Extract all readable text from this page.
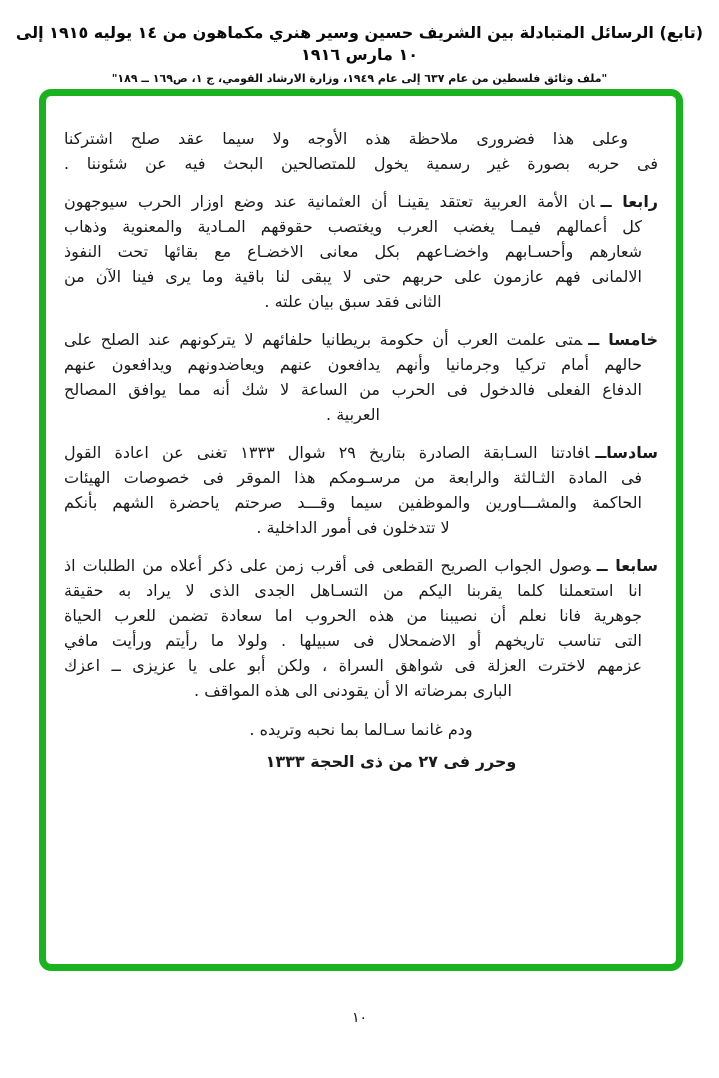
(تابع) الرسائل المتبادلة بين الشريف حسين وسير هنري مكماهون من ١٤ يوليه ١٩١٥ إلى ١٠ مارس ١٩١٦
"ملف وثائق فلسطين من عام ٦٣٧ إلى عام ١٩٤٩، وزارة الارشاد القومي، ج ١، ص١٦٩ ــ ١٨٩"
وعلى هذا فضرورى ملاحظة هذه الأوجه ولا سيما عقد صلح اشتركنا
فى حربه بصورة غير رسمية يخول للمتصالحين البحث فيه عن شئوننا .
رابعا ــان الأمة العربية تعتقد يقينـا أن العثمانية عند وضع اوزار الحرب سيوجهون
كل أعمالهم فيمـا يغضب العرب ويغتصب حقوقهم المـادية والمعنوية وذهاب
شعارهم وأحسـابهم واخضـاعهم بكل معانى الاخضـاع مع بقائها تحت النفوذ
الالمانى فهم عازمون على حربهم حتى لا يبقى لنا باقية وما يرى فينا الآن من
الثانى فقد سبق بيان علته .
خامسا ــمتى علمت العرب أن حكومة بريطانيا حلفائهم لا يتركونهم عند الصلح على
حالهم أمام تركيا وجرمانيا وأنهم يدافعون عنهم ويعاضدونهم ويدافعون عنهم
الدفاع الفعلى فالدخول فى الحرب من الساعة لا شك أنه مما يوافق المصالح
العربية .
سادساــافادتنا السـابقة الصادرة بتاريخ ٢٩ شوال ١٣٣٣ تغنى عن اعادة القول
فى المادة الثـالثة والرابعة من مرسـومكم هذا الموقر فى خصوصات الهيئات
الحاكمة والمشـــاورين والموظفين سيما وقـــد صرحتم ياحضرة الشهم بأنكم
لا تتدخلون فى أمور الداخلية .
سابعا ــوصول الجواب الصريح القطعى فى أقرب زمن على ذكر أعلاه من الطلبات اذ
انا استعملنا كلما يقربنا اليكم من التسـاهل الجدى الذى لا يراد به حقيقة
جوهرية فانا نعلم أن نصيبنا من هذه الحروب اما سعادة تضمن للعرب الحياة
التى تناسب تاريخهم أو الاضمحلال فى سبيلها . ولولا ما رأيتم ورأيت مافي
عزمهم لاخترت العزلة فى شواهق السراة ، ولكن أبو على يا عزيزى ــ اعزك
البارى بمرضاته الا أن يقودنى الى هذه المواقف .
ودم غانما سـالما بما نحبه وتريده .
وحرر فى ٢٧ من ذى الحجة ١٣٣٣
١٠
